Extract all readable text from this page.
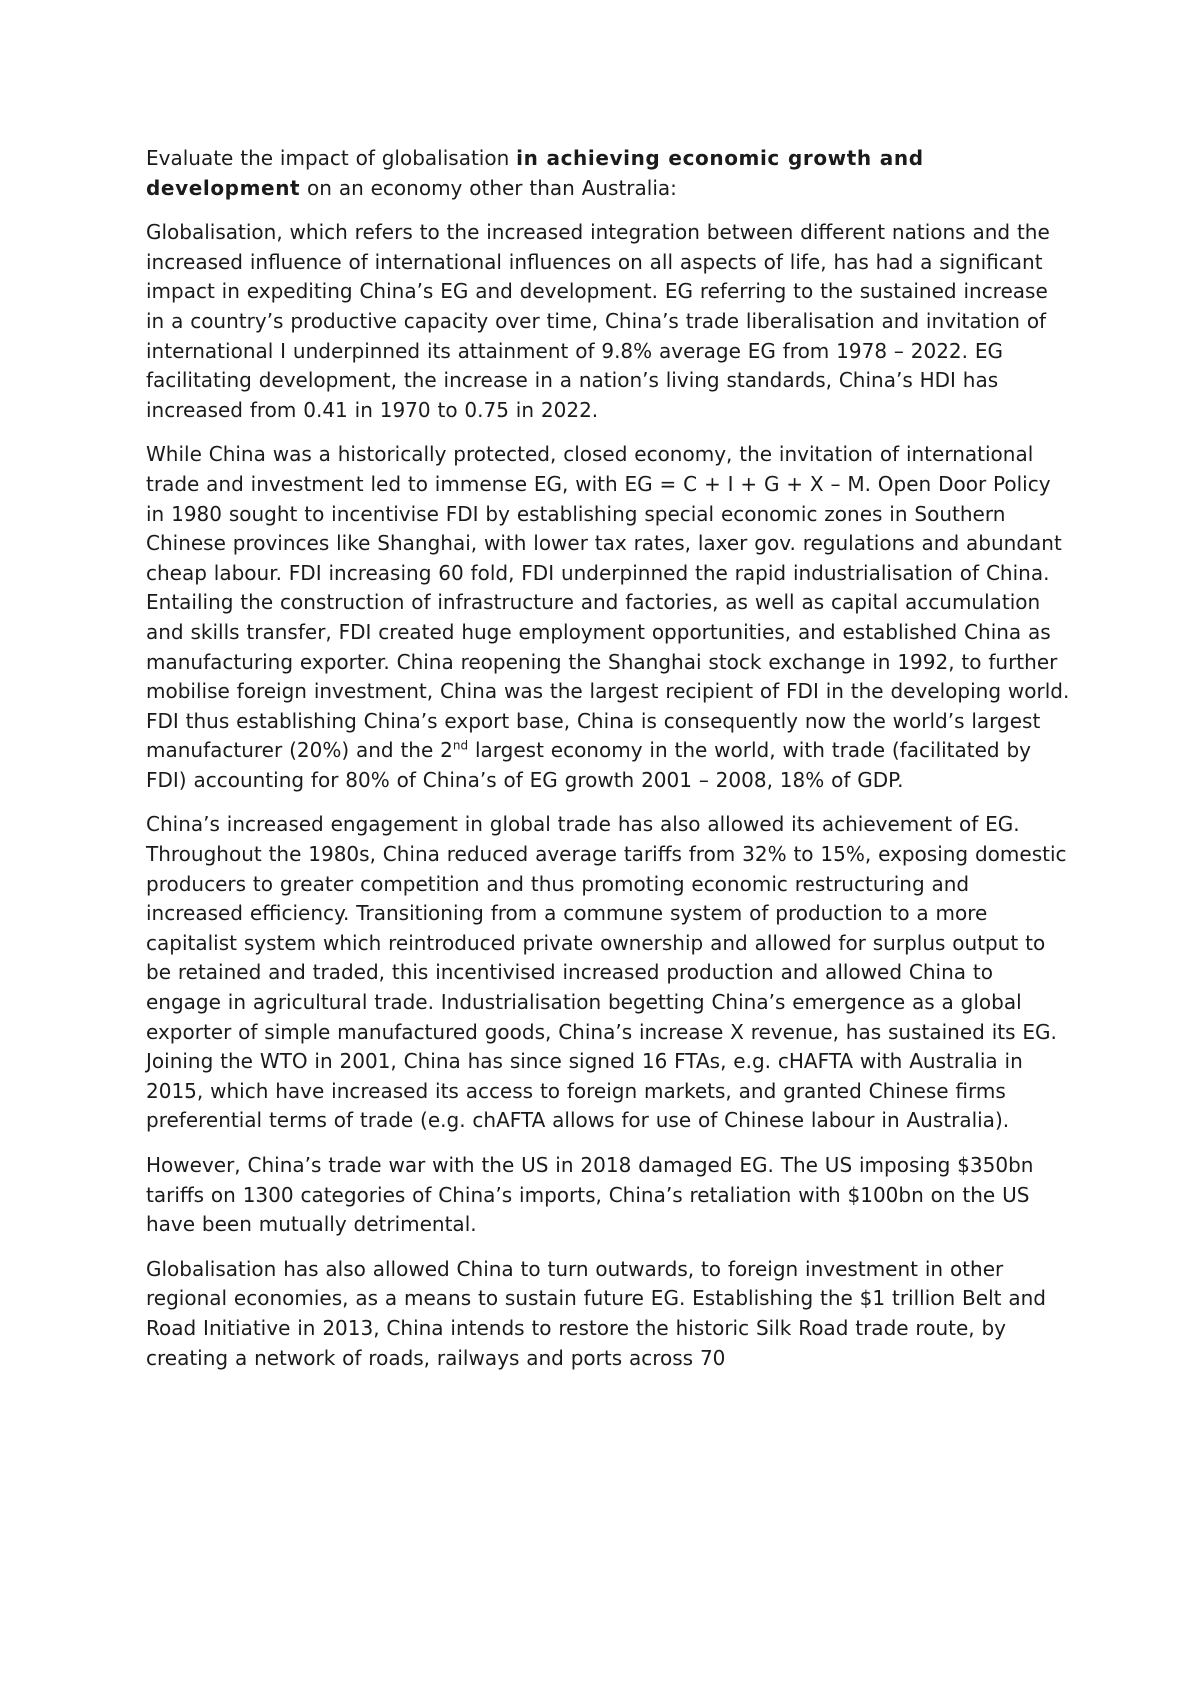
Evaluate the impact of globalisation in achieving economic growth and development on an economy other than Australia:

Globalisation, which refers to the increased integration between different nations and the increased influence of international influences on all aspects of life, has had a significant impact in expediting China’s EG and development. EG referring to the sustained increase in a country’s productive capacity over time, China’s trade liberalisation and invitation of international I underpinned its attainment of 9.8% average EG from 1978 – 2022. EG facilitating development, the increase in a nation’s living standards, China’s HDI has increased from 0.41 in 1970 to 0.75 in 2022.

While China was a historically protected, closed economy, the invitation of international trade and investment led to immense EG, with EG = C + I + G + X – M. Open Door Policy in 1980 sought to incentivise FDI by establishing special economic zones in Southern Chinese provinces like Shanghai, with lower tax rates, laxer gov. regulations and abundant cheap labour. FDI increasing 60 fold, FDI underpinned the rapid industrialisation of China. Entailing the construction of infrastructure and factories, as well as capital accumulation and skills transfer, FDI created huge employment opportunities, and established China as manufacturing exporter. China reopening the Shanghai stock exchange in 1992, to further mobilise foreign investment, China was the largest recipient of FDI in the developing world. FDI thus establishing China’s export base, China is consequently now the world’s largest manufacturer (20%) and the 2nd largest economy in the world, with trade (facilitated by FDI) accounting for 80% of China’s of EG growth 2001 – 2008, 18% of GDP.

China’s increased engagement in global trade has also allowed its achievement of EG. Throughout the 1980s, China reduced average tariffs from 32% to 15%, exposing domestic producers to greater competition and thus promoting economic restructuring and increased efficiency. Transitioning from a commune system of production to a more capitalist system which reintroduced private ownership and allowed for surplus output to be retained and traded, this incentivised increased production and allowed China to engage in agricultural trade. Industrialisation begetting China’s emergence as a global exporter of simple manufactured goods, China’s increase X revenue, has sustained its EG. Joining the WTO in 2001, China has since signed 16 FTAs, e.g. cHAFTA with Australia in 2015, which have increased its access to foreign markets, and granted Chinese firms preferential terms of trade (e.g. chAFTA allows for use of Chinese labour in Australia).

However, China’s trade war with the US in 2018 damaged EG. The US imposing $350bn tariffs on 1300 categories of China’s imports, China’s retaliation with $100bn on the US have been mutually detrimental.

Globalisation has also allowed China to turn outwards, to foreign investment in other regional economies, as a means to sustain future EG. Establishing the $1 trillion Belt and Road Initiative in 2013, China intends to restore the historic Silk Road trade route, by creating a network of roads, railways and ports across 70
